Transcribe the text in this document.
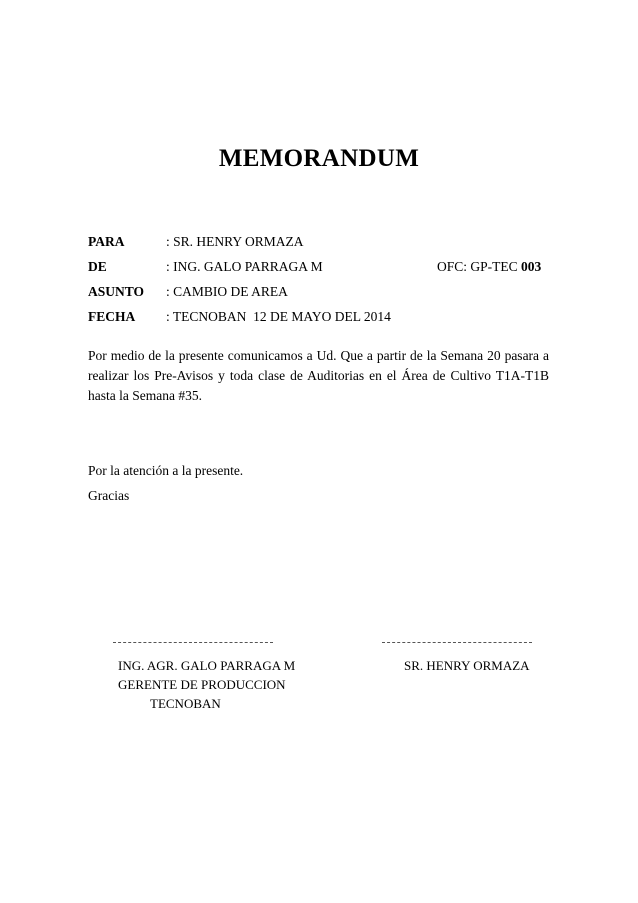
MEMORANDUM
PARA	: SR. HENRY ORMAZA
DE	: ING. GALO PARRAGA M	OFC: GP-TEC 003
ASUNTO : CAMBIO DE AREA
FECHA : TECNOBAN  12 DE MAYO DEL 2014
Por medio de la presente comunicamos a Ud. Que a partir de la Semana 20 pasara a realizar los Pre-Avisos y toda clase de Auditorias en el Área de Cultivo T1A-T1B hasta la Semana #35.
Por la atención a la presente.
Gracias
ING. AGR. GALO PARRAGA M
GERENTE DE PRODUCCION
TECNOBAN
SR. HENRY ORMAZA
